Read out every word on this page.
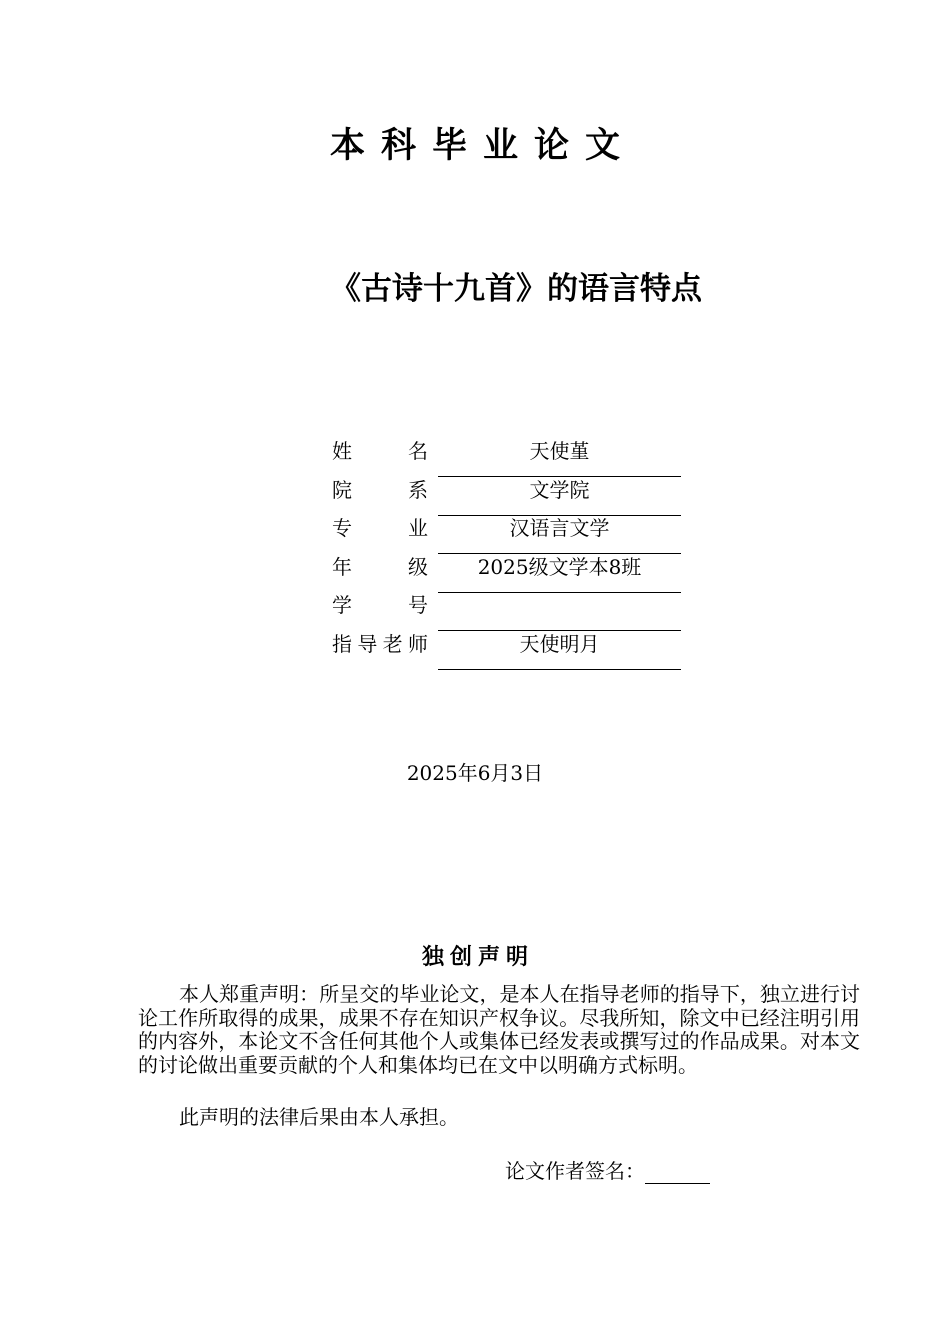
本科毕业论文
《古诗十九首》的语言特点
姓	名	天使堇
院	系	文学院
专	业	汉语言文学
年	级	2025级文学本8班
学	号
指 导 老 师	天使明月
2025年6月3日
独创声明
本人郑重声明：所呈交的毕业论文，是本人在指导老师的指导下，独立进行讨论工作所取得的成果，成果不存在知识产权争议。尽我所知，除文中已经注明引用的内容外，本论文不含任何其他个人或集体已经发表或撰写过的作品成果。对本文的讨论做出重要贡献的个人和集体均已在文中以明确方式标明。
此声明的法律后果由本人承担。
论文作者签名：
